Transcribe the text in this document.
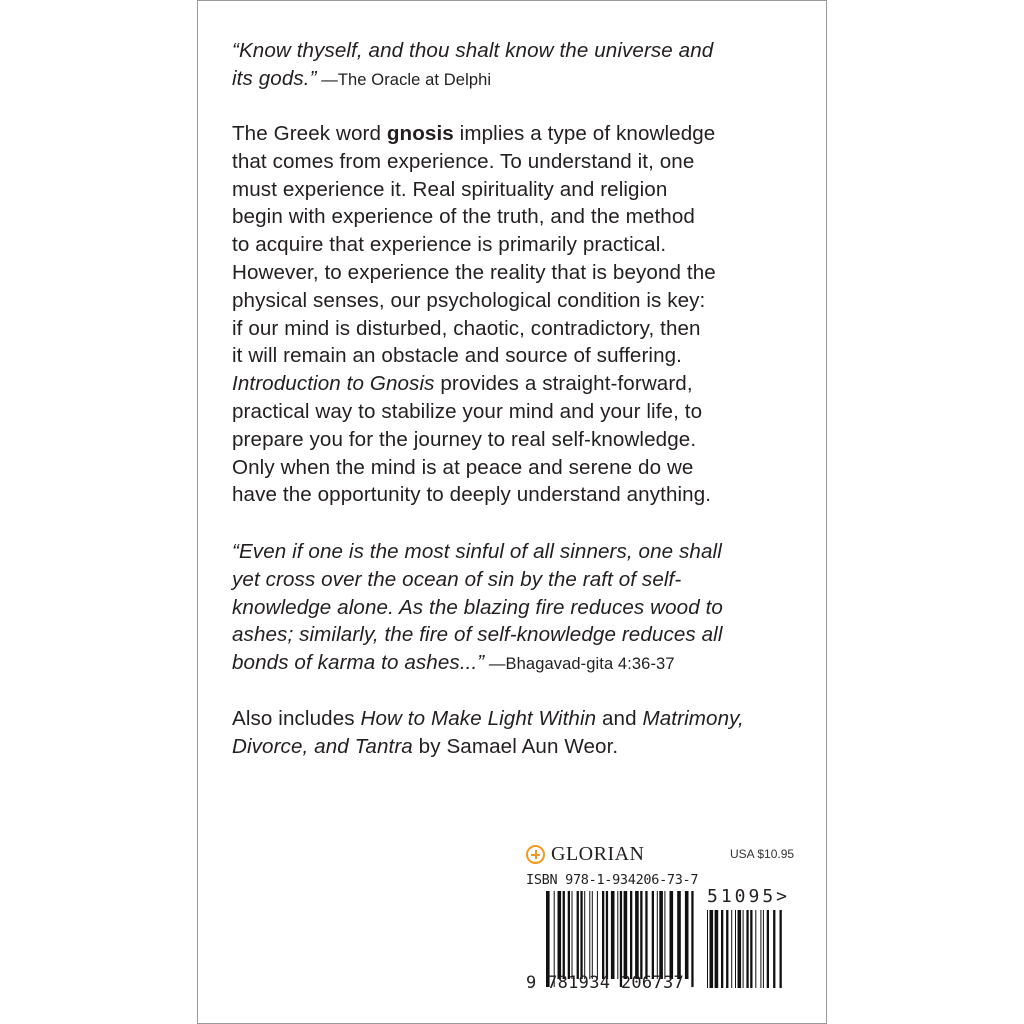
“Know thyself, and thou shalt know the universe and
its gods.” —The Oracle at Delphi
The Greek word gnosis implies a type of knowledge
that comes from experience. To understand it, one
must experience it. Real spirituality and religion
begin with experience of the truth, and the method
to acquire that experience is primarily practical.
However, to experience the reality that is beyond the
physical senses, our psychological condition is key:
if our mind is disturbed, chaotic, contradictory, then
it will remain an obstacle and source of suffering.
Introduction to Gnosis provides a straight-forward,
practical way to stabilize your mind and your life, to
prepare you for the journey to real self-knowledge.
Only when the mind is at peace and serene do we
have the opportunity to deeply understand anything.
“Even if one is the most sinful of all sinners, one shall
yet cross over the ocean of sin by the raft of self-
knowledge alone. As the blazing fire reduces wood to
ashes; similarly, the fire of self-knowledge reduces all
bonds of karma to ashes...” —Bhagavad-gita 4:36-37
Also includes How to Make Light Within and Matrimony,
Divorce, and Tantra by Samael Aun Weor.
GLORIAN	USA $10.95
ISBN 978-1-934206-73-7
51095>
9 781934 206737
